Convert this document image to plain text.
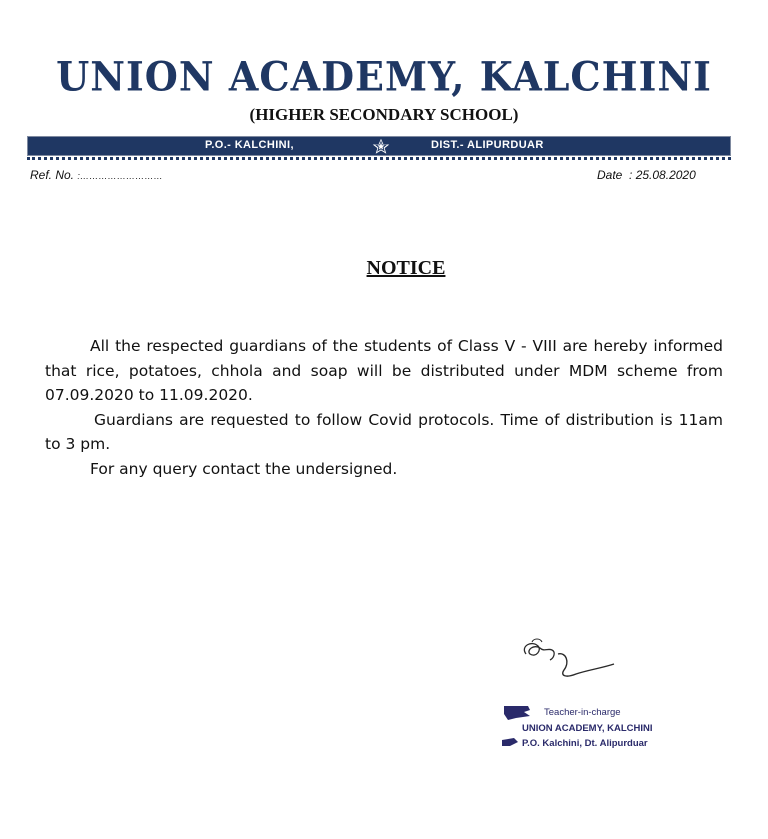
UNION ACADEMY, KALCHINI
(HIGHER SECONDARY SCHOOL)
P.O.- KALCHINI,	DIST.- ALIPURDUAR
Ref. No. :………………………	Date : 25.08.2020
NOTICE

All the respected guardians of the students of Class V - VIII are hereby informed that rice, potatoes, chhola and soap will be distributed under MDM scheme from 07.09.2020 to 11.09.2020.

Guardians are requested to follow Covid protocols. Time of distribution is 11am to 3 pm.

For any query contact the undersigned.

Teacher-in-charge
UNION ACADEMY, KALCHINI
P.O. Kalchini, Dt. Alipurduar
